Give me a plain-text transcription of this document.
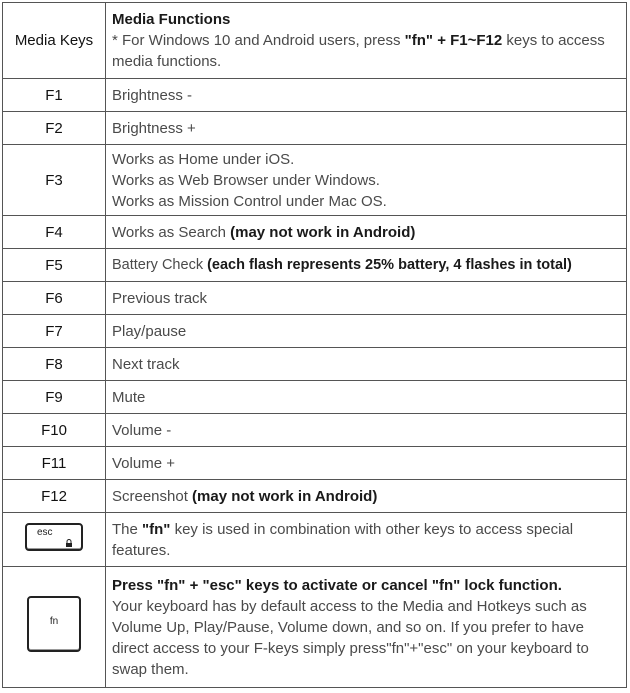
Media Keys	Media Functions
* For Windows 10 and Android users, press "fn" + F1~F12 keys to access media functions.

F1	Brightness -
F2	Brightness +
F3	Works as Home under iOS.
Works as Web Browser under Windows.
Works as Mission Control under Mac OS.

F4	Works as Search (may not work in Android)
F5	Battery Check (each flash represents 25% battery, 4 flashes in total)
F6	Previous track
F7	Play/pause
F8	Next track
F9	Mute
F10	Volume -
F11	Volume +
F12	Screenshot (may not work in Android)

esc	The "fn" key is used in combination with other keys to access special features.

fn	Press "fn" + "esc" keys to activate or cancel "fn" lock function.
Your keyboard has by default access to the Media and Hotkeys such as Volume Up, Play/Pause, Volume down, and so on. If you prefer to have direct access to your F-keys simply press"fn"+"esc" on your keyboard to swap them.
